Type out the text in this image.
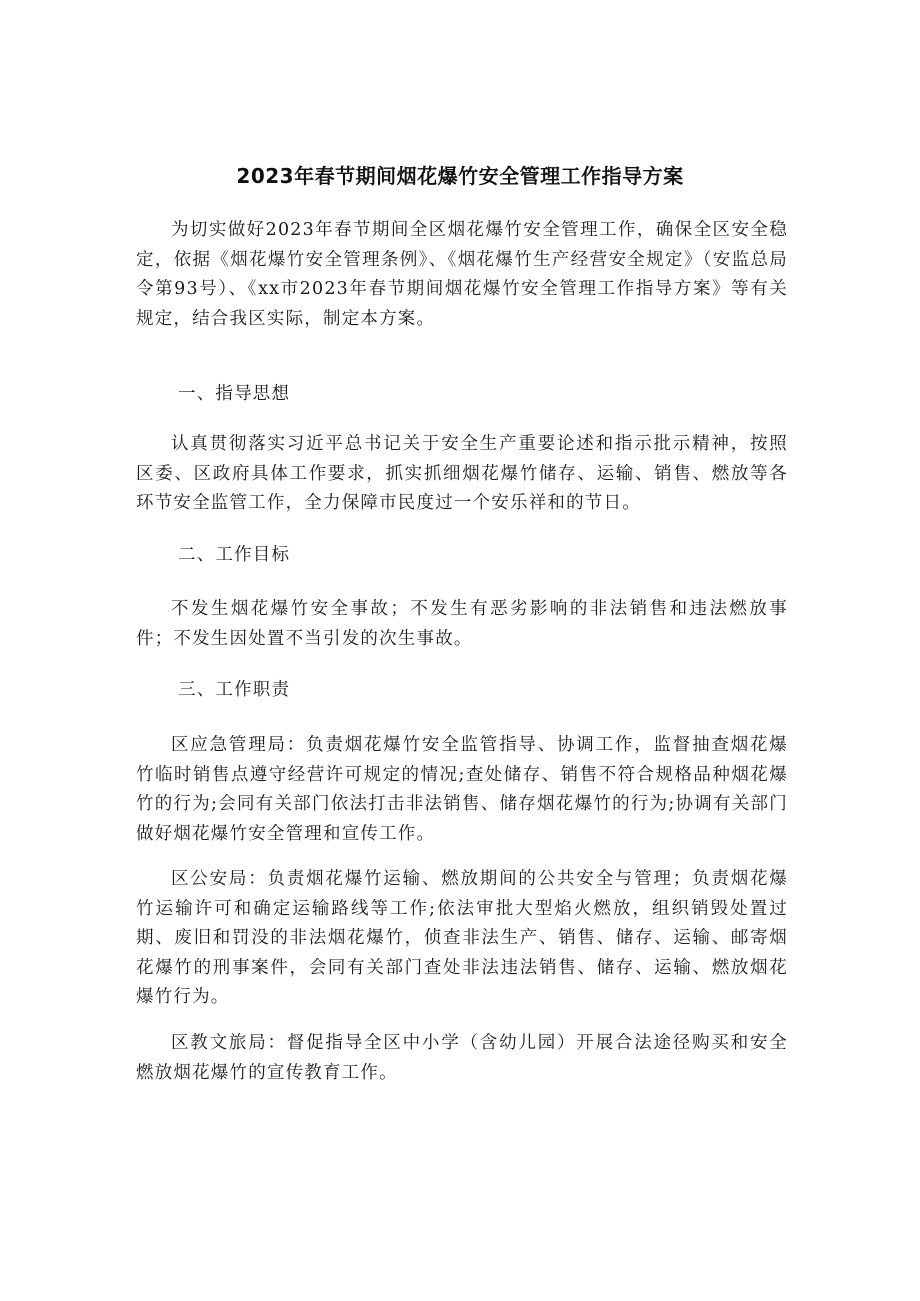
2023年春节期间烟花爆竹安全管理工作指导方案

为切实做好2023年春节期间全区烟花爆竹安全管理工作，确保全区安全稳定，依据《烟花爆竹安全管理条例》、《烟花爆竹生产经营安全规定》（安监总局令第93号）、《xx市2023年春节期间烟花爆竹安全管理工作指导方案》等有关规定，结合我区实际，制定本方案。

一、指导思想

认真贯彻落实习近平总书记关于安全生产重要论述和指示批示精神，按照区委、区政府具体工作要求，抓实抓细烟花爆竹储存、运输、销售、燃放等各环节安全监管工作，全力保障市民度过一个安乐祥和的节日。

二、工作目标

不发生烟花爆竹安全事故；不发生有恶劣影响的非法销售和违法燃放事件；不发生因处置不当引发的次生事故。

三、工作职责

区应急管理局：负责烟花爆竹安全监管指导、协调工作，监督抽查烟花爆竹临时销售点遵守经营许可规定的情况;查处储存、销售不符合规格品种烟花爆竹的行为;会同有关部门依法打击非法销售、储存烟花爆竹的行为;协调有关部门做好烟花爆竹安全管理和宣传工作。

区公安局：负责烟花爆竹运输、燃放期间的公共安全与管理；负责烟花爆竹运输许可和确定运输路线等工作;依法审批大型焰火燃放，组织销毁处置过期、废旧和罚没的非法烟花爆竹，侦查非法生产、销售、储存、运输、邮寄烟花爆竹的刑事案件，会同有关部门查处非法违法销售、储存、运输、燃放烟花爆竹行为。

区教文旅局：督促指导全区中小学（含幼儿园）开展合法途径购买和安全燃放烟花爆竹的宣传教育工作。
